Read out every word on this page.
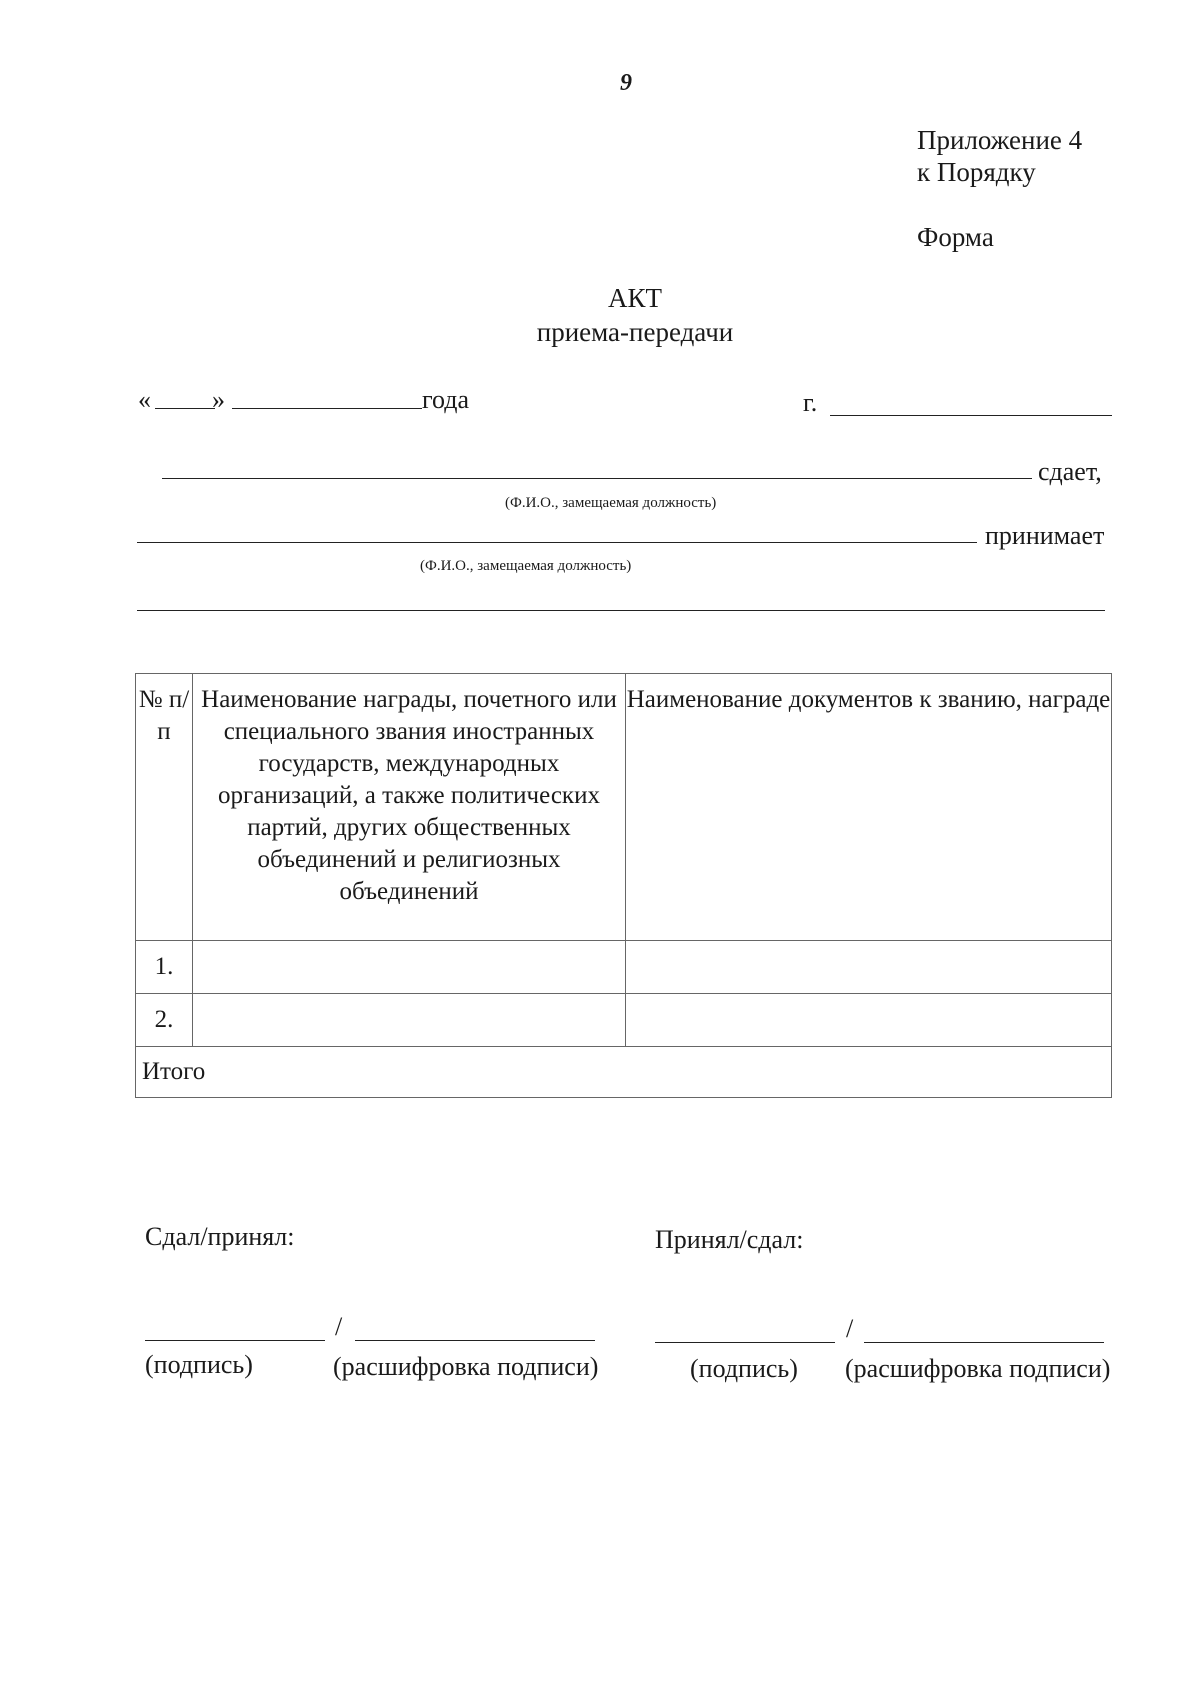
9
Приложение 4
к Порядку
Форма
АКТ
приема-передачи
« »	года	г.
сдает,
(Ф.И.О., замещаемая должность)
принимает
(Ф.И.О., замещаемая должность)
№ п/п	Наименование награды, почетного или специального звания иностранных государств, международных организаций, а также политических партий, других общественных объединений и религиозных объединений	Наименование документов к званию, награде
1.		
2.		
Итого		
Сдал/принял:	Принял/сдал:
/
(подпись)	(расшифровка подписи)
/
(подпись) (расшифровка подписи)
